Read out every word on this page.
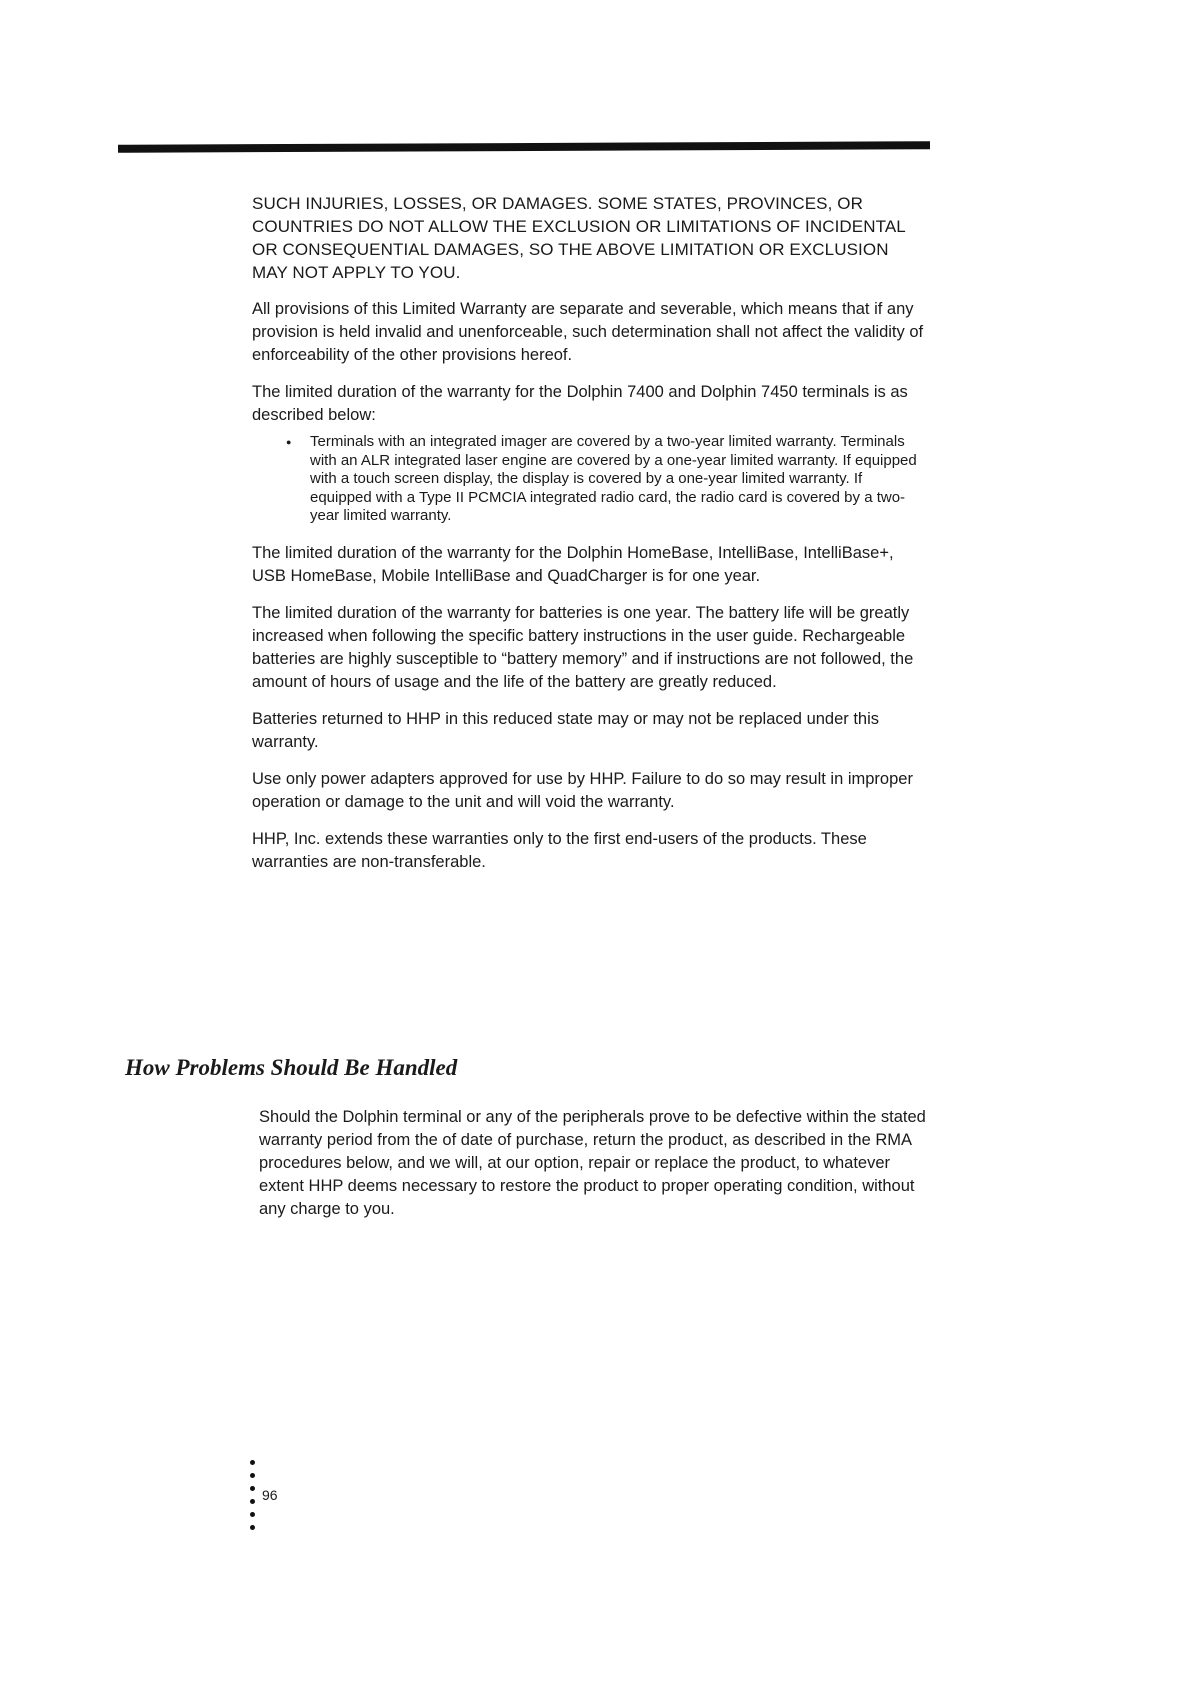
SUCH INJURIES, LOSSES, OR DAMAGES. SOME STATES, PROVINCES, OR COUNTRIES DO NOT ALLOW THE EXCLUSION OR LIMITATIONS OF INCIDENTAL OR CONSEQUENTIAL DAMAGES, SO THE ABOVE LIMITATION OR EXCLUSION MAY NOT APPLY TO YOU.

All provisions of this Limited Warranty are separate and severable, which means that if any provision is held invalid and unenforceable, such determination shall not affect the validity of enforceability of the other provisions hereof.

The limited duration of the warranty for the Dolphin 7400 and Dolphin 7450 terminals is as described below:

● Terminals with an integrated imager are covered by a two-year limited warranty. Terminals with an ALR integrated laser engine are covered by a one-year limited warranty. If equipped with a touch screen display, the display is covered by a one-year limited warranty. If equipped with a Type II PCMCIA integrated radio card, the radio card is covered by a two-year limited warranty.

The limited duration of the warranty for the Dolphin HomeBase, IntelliBase, IntelliBase+, USB HomeBase, Mobile IntelliBase and QuadCharger is for one year.

The limited duration of the warranty for batteries is one year. The battery life will be greatly increased when following the specific battery instructions in the user guide. Rechargeable batteries are highly susceptible to “battery memory” and if instructions are not followed, the amount of hours of usage and the life of the battery are greatly reduced.

Batteries returned to HHP in this reduced state may or may not be replaced under this warranty.

Use only power adapters approved for use by HHP. Failure to do so may result in improper operation or damage to the unit and will void the warranty.

HHP, Inc. extends these warranties only to the first end-users of the products. These warranties are non-transferable.

How Problems Should Be Handled

Should the Dolphin terminal or any of the peripherals prove to be defective within the stated warranty period from the of date of purchase, return the product, as described in the RMA procedures below, and we will, at our option, repair or replace the product, to whatever extent HHP deems necessary to restore the product to proper operating condition, without any charge to you.

96
